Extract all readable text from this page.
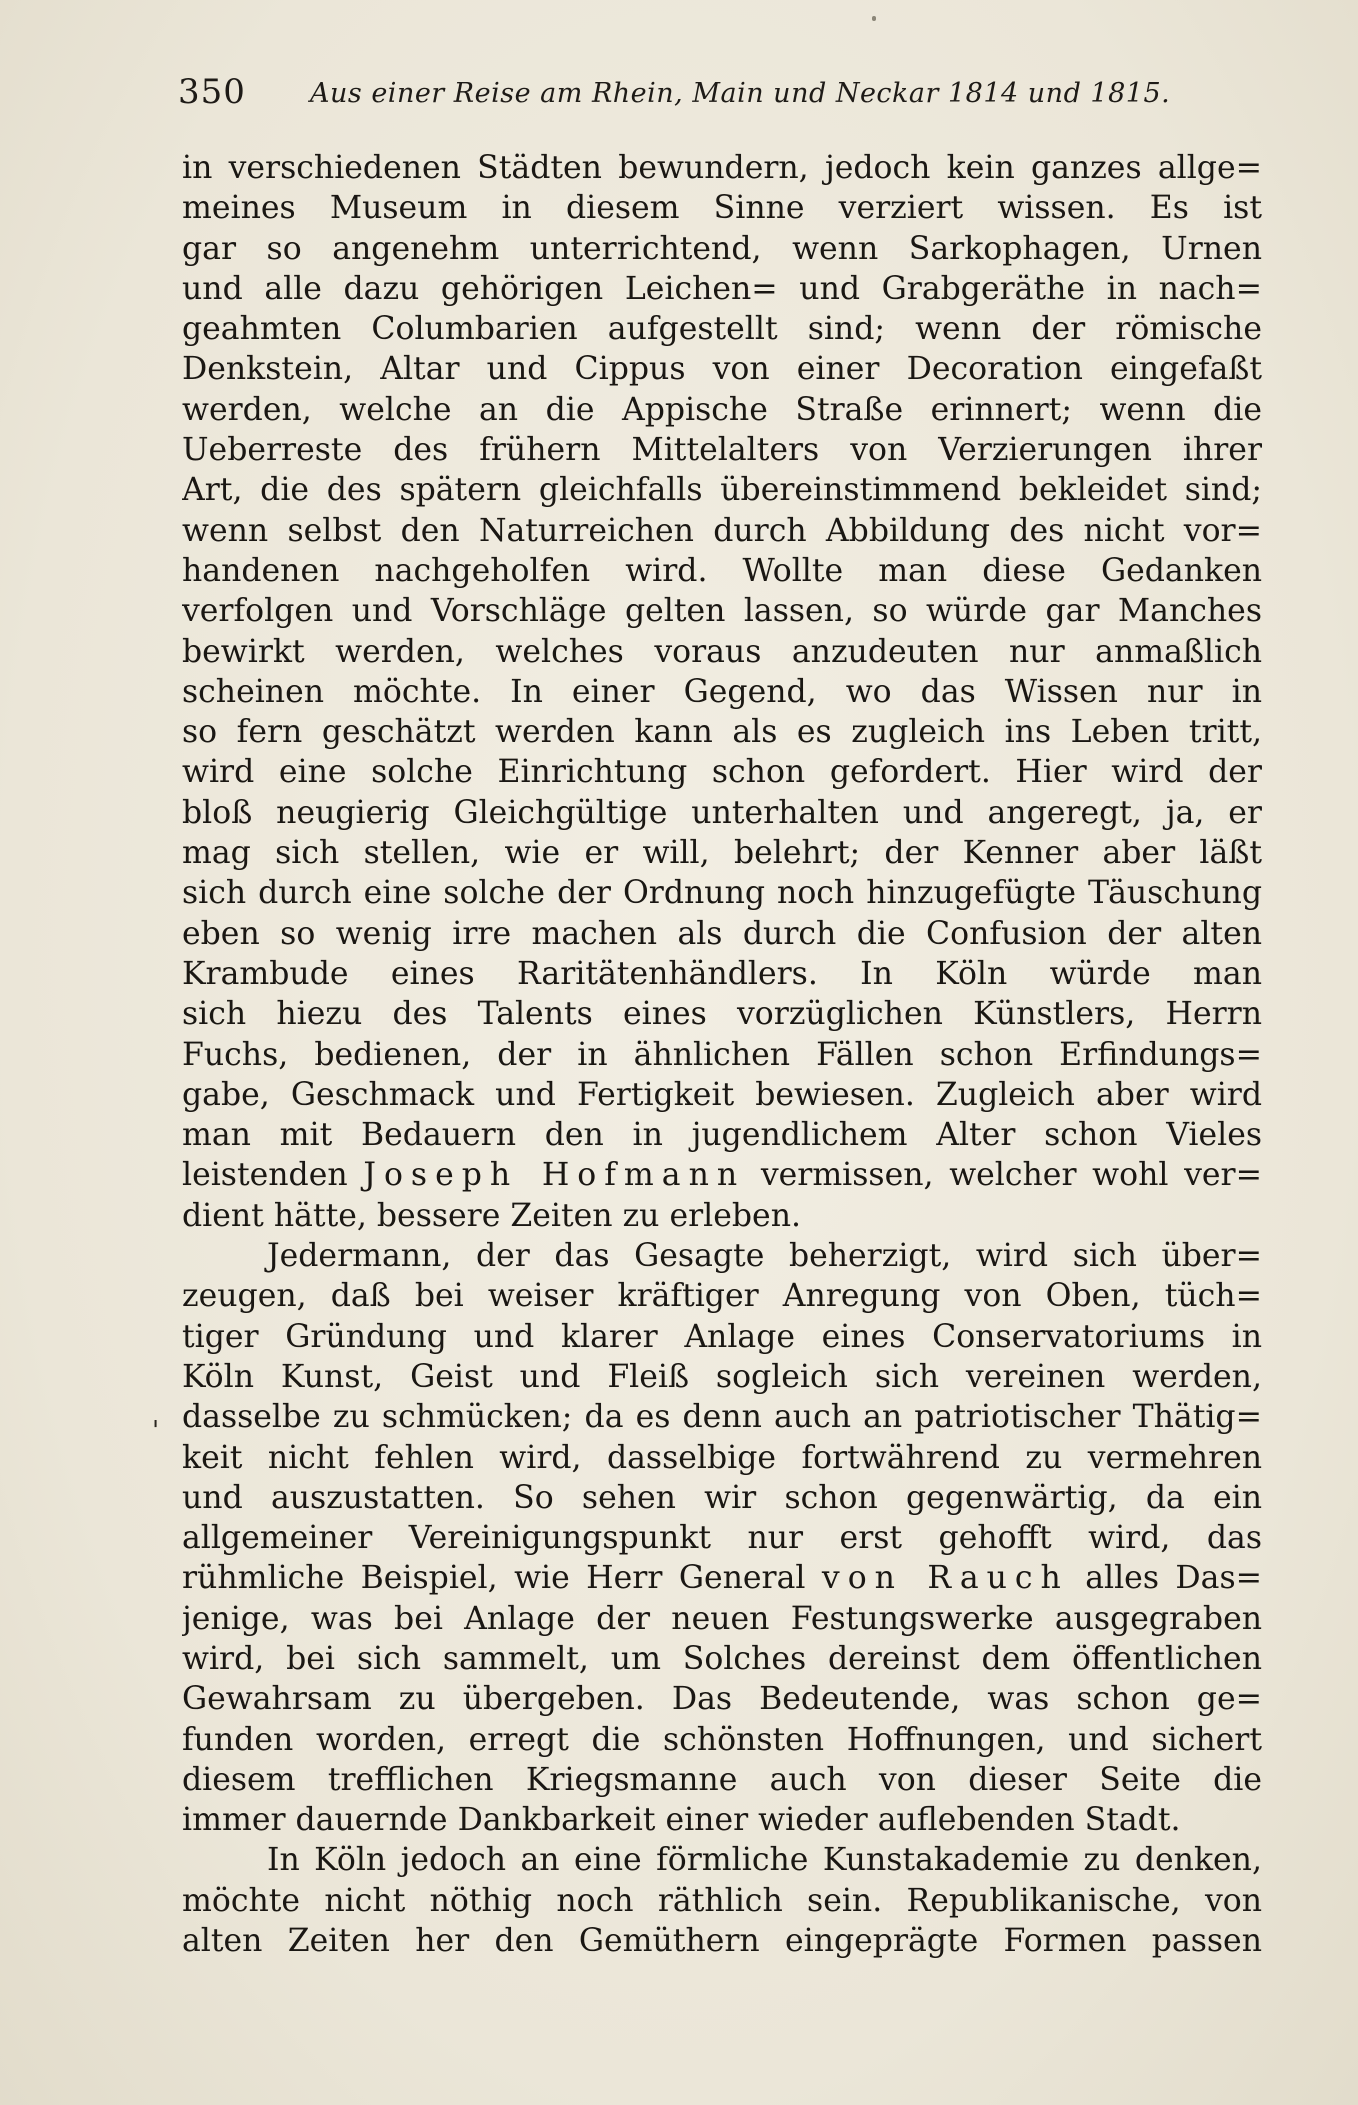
350 Aus einer Reise am Rhein, Main und Neckar 1814 und 1815.
'
in verschiedenen Städten bewundern, jedoch kein ganzes allge=
meines Museum in diesem Sinne verziert wissen. Es ist
gar so angenehm unterrichtend, wenn Sarkophagen, Urnen
und alle dazu gehörigen Leichen= und Grabgeräthe in nach=
geahmten Columbarien aufgestellt sind; wenn der römische
Denkstein, Altar und Cippus von einer Decoration eingefaßt
werden, welche an die Appische Straße erinnert; wenn die
Ueberreste des frühern Mittelalters von Verzierungen ihrer
Art, die des spätern gleichfalls übereinstimmend bekleidet sind;
wenn selbst den Naturreichen durch Abbildung des nicht vor=
handenen nachgeholfen wird. Wollte man diese Gedanken
verfolgen und Vorschläge gelten lassen, so würde gar Manches
bewirkt werden, welches voraus anzudeuten nur anmaßlich
scheinen möchte. In einer Gegend, wo das Wissen nur in
so fern geschätzt werden kann als es zugleich ins Leben tritt,
wird eine solche Einrichtung schon gefordert. Hier wird der
bloß neugierig Gleichgültige unterhalten und angeregt, ja, er
mag sich stellen, wie er will, belehrt; der Kenner aber läßt
sich durch eine solche der Ordnung noch hinzugefügte Täuschung
eben so wenig irre machen als durch die Confusion der alten
Krambude eines Raritätenhändlers. In Köln würde man
sich hiezu des Talents eines vorzüglichen Künstlers, Herrn
Fuchs, bedienen, der in ähnlichen Fällen schon Erfindungs=
gabe, Geschmack und Fertigkeit bewiesen. Zugleich aber wird
man mit Bedauern den in jugendlichem Alter schon Vieles
leistenden Joseph Hofmann vermissen, welcher wohl ver=
dient hätte, bessere Zeiten zu erleben.
Jedermann, der das Gesagte beherzigt, wird sich über=
zeugen, daß bei weiser kräftiger Anregung von Oben, tüch=
tiger Gründung und klarer Anlage eines Conservatoriums in
Köln Kunst, Geist und Fleiß sogleich sich vereinen werden,
dasselbe zu schmücken; da es denn auch an patriotischer Thätig=
keit nicht fehlen wird, dasselbige fortwährend zu vermehren
und auszustatten. So sehen wir schon gegenwärtig, da ein
allgemeiner Vereinigungspunkt nur erst gehofft wird, das
rühmliche Beispiel, wie Herr General von Rauch alles Das=
jenige, was bei Anlage der neuen Festungswerke ausgegraben
wird, bei sich sammelt, um Solches dereinst dem öffentlichen
Gewahrsam zu übergeben. Das Bedeutende, was schon ge=
funden worden, erregt die schönsten Hoffnungen, und sichert
diesem trefflichen Kriegsmanne auch von dieser Seite die
immer dauernde Dankbarkeit einer wieder auflebenden Stadt.
In Köln jedoch an eine förmliche Kunstakademie zu denken,
möchte nicht nöthig noch räthlich sein. Republikanische, von
alten Zeiten her den Gemüthern eingeprägte Formen passen
